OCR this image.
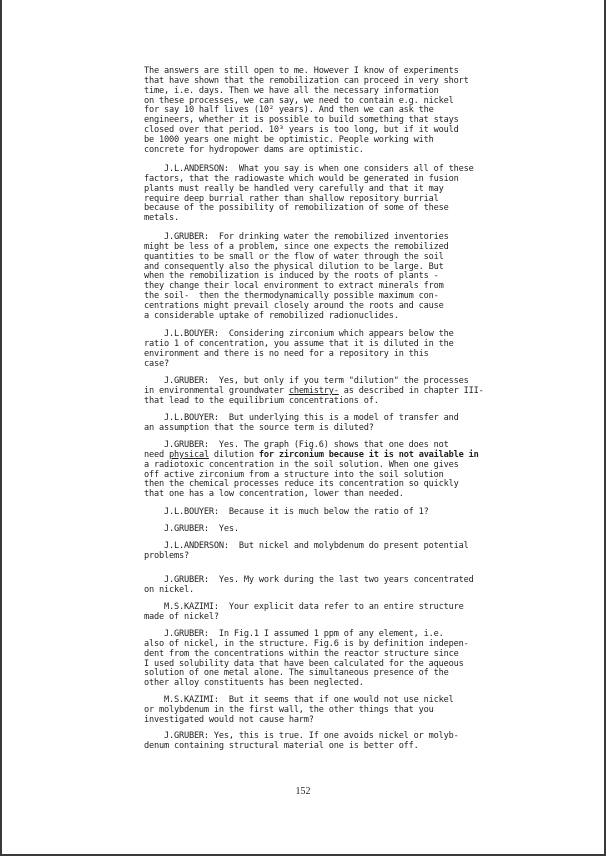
The answers are still open to me. However I know of experiments
that have shown that the remobilization can proceed in very short
time, i.e. days. Then we have all the necessary information
on these processes, we can say, we need to contain e.g. nickel
for say 10 half lives (10² years). And then we can ask the
engineers, whether it is possible to build something that stays
closed over that period. 10³ years is too long, but if it would
be 1000 years one might be optimistic. People working with
concrete for hydropower dams are optimistic.
J.L.ANDERSON:  What you say is when one considers all of these
factors, that the radiowaste which would be generated in fusion
plants must really be handled very carefully and that it may
require deep burrial rather than shallow repository burrial
because of the possibility of remobilization of some of these
metals.
J.GRUBER:  For drinking water the remobilized inventories
might be less of a problem, since one expects the remobilized
quantities to be small or the flow of water through the soil
and consequently also the physical dilution to be large. But
when the remobilization is induced by the roots of plants -
they change their local environment to extract minerals from
the soil-  then the thermodynamically possible maximum con-
centrations might prevail closely around the roots and cause
a considerable uptake of remobilized radionuclides.
J.L.BOUYER:  Considering zirconium which appears below the
ratio 1 of concentration, you assume that it is diluted in the
environment and there is no need for a repository in this
case?
J.GRUBER:  Yes, but only if you term "dilution" the processes
in environmental groundwater chemistry- as described in chapter III-
that lead to the equilibrium concentrations of.
J.L.BOUYER:  But underlying this is a model of transfer and
an assumption that the source term is diluted?
J.GRUBER:  Yes. The graph (Fig.6) shows that one does not
need physical dilution for zirconium because it is not available in
a radiotoxic concentration in the soil solution. When one gives
off active zirconium from a structure into the soil solution
then the chemical processes reduce its concentration so quickly
that one has a low concentration, lower than needed.
J.L.BOUYER:  Because it is much below the ratio of 1?
J.GRUBER:  Yes.
J.L.ANDERSON:  But nickel and molybdenum do present potential
problems?
J.GRUBER:  Yes. My work during the last two years concentrated
on nickel.
M.S.KAZIMI:  Your explicit data refer to an entire structure
made of nickel?
J.GRUBER:  In Fig.1 I assumed 1 ppm of any element, i.e.
also of nickel, in the structure. Fig.6 is by definition indepen-
dent from the concentrations within the reactor structure since
I used solubility data that have been calculated for the aqueous
solution of one metal alone. The simultaneous presence of the
other alloy constituents has been neglected.
M.S.KAZIMI:  But it seems that if one would not use nickel
or molybdenum in the first wall, the other things that you
investigated would not cause harm?
J.GRUBER: Yes, this is true. If one avoids nickel or molyb-
denum containing structural material one is better off.
152
